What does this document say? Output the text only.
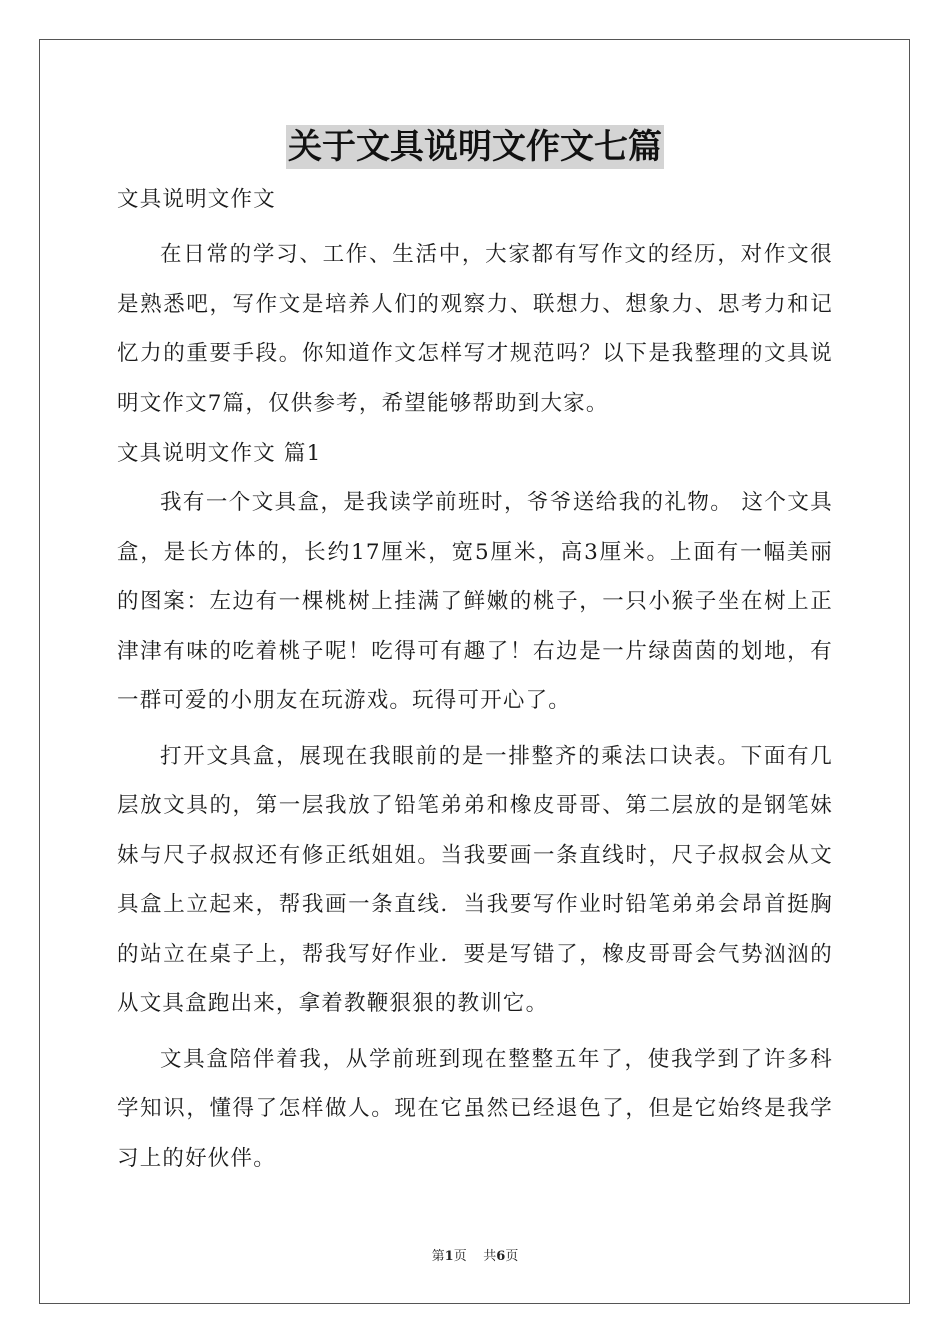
关于文具说明文作文七篇

文具说明文作文

在日常的学习、工作、生活中，大家都有写作文的经历，对作文很是熟悉吧，写作文是培养人们的观察力、联想力、想象力、思考力和记忆力的重要手段。你知道作文怎样写才规范吗？以下是我整理的文具说明文作文7篇，仅供参考，希望能够帮助到大家。

文具说明文作文 篇1

我有一个文具盒，是我读学前班时，爷爷送给我的礼物。 这个文具盒，是长方体的，长约17厘米，宽5厘米，高3厘米。上面有一幅美丽的图案：左边有一棵桃树上挂满了鲜嫩的桃子，一只小猴子坐在树上正津津有味的吃着桃子呢！吃得可有趣了！右边是一片绿茵茵的划地，有一群可爱的小朋友在玩游戏。玩得可开心了。

打开文具盒，展现在我眼前的是一排整齐的乘法口诀表。下面有几层放文具的，第一层我放了铅笔弟弟和橡皮哥哥、第二层放的是钢笔妹妹与尺子叔叔还有修正纸姐姐。当我要画一条直线时，尺子叔叔会从文具盒上立起来，帮我画一条直线．当我要写作业时铅笔弟弟会昂首挺胸的站立在桌子上，帮我写好作业．要是写错了，橡皮哥哥会气势汹汹的从文具盒跑出来，拿着教鞭狠狠的教训它。

文具盒陪伴着我，从学前班到现在整整五年了，使我学到了许多科学知识，懂得了怎样做人。现在它虽然已经退色了，但是它始终是我学习上的好伙伴。

第1页 共6页
